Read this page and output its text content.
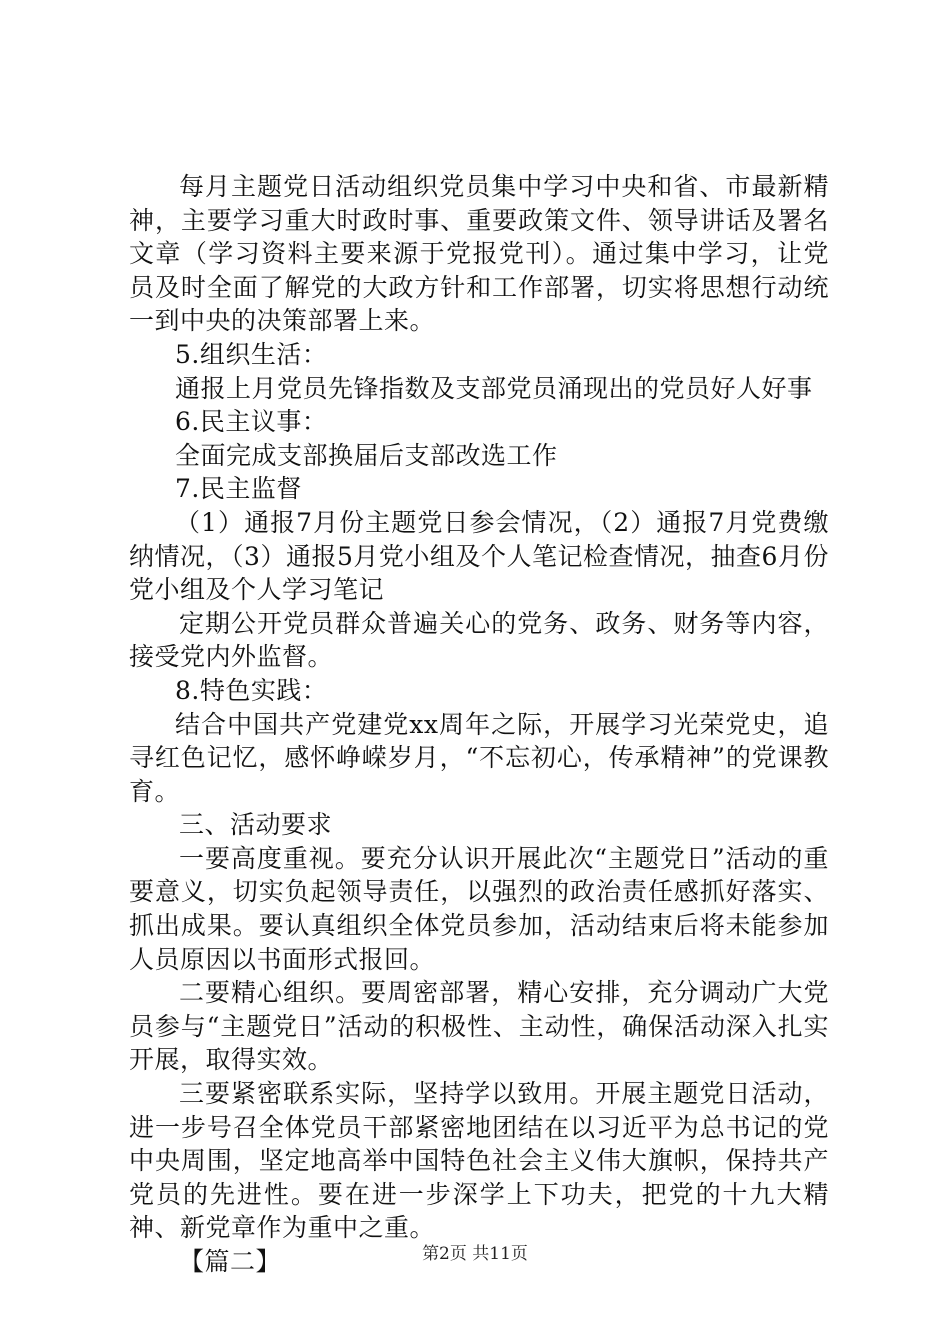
每月主题党日活动组织党员集中学习中央和省、市最新精神，主要学习重大时政时事、重要政策文件、领导讲话及署名文章（学习资料主要来源于党报党刊）。通过集中学习，让党员及时全面了解党的大政方针和工作部署，切实将思想行动统一到中央的决策部署上来。

5.组织生活：

通报上月党员先锋指数及支部党员涌现出的党员好人好事

6.民主议事：

全面完成支部换届后支部改选工作

7.民主监督

（1）通报7月份主题党日参会情况，（2）通报7月党费缴纳情况，（3）通报5月党小组及个人笔记检查情况，抽查6月份党小组及个人学习笔记

定期公开党员群众普遍关心的党务、政务、财务等内容，接受党内外监督。

8.特色实践：

结合中国共产党建党xx周年之际，开展学习光荣党史，追寻红色记忆，感怀峥嵘岁月，“不忘初心，传承精神”的党课教育。

三、活动要求

一要高度重视。要充分认识开展此次“主题党日”活动的重要意义，切实负起领导责任，以强烈的政治责任感抓好落实、抓出成果。要认真组织全体党员参加，活动结束后将未能参加人员原因以书面形式报回。

二要精心组织。要周密部署，精心安排，充分调动广大党员参与“主题党日”活动的积极性、主动性，确保活动深入扎实开展，取得实效。

三要紧密联系实际，坚持学以致用。开展主题党日活动，进一步号召全体党员干部紧密地团结在以习近平为总书记的党中央周围，坚定地高举中国特色社会主义伟大旗帜，保持共产党员的先进性。要在进一步深学上下功夫，把党的十九大精神、新党章作为重中之重。

【篇二】	第2页 共11页
